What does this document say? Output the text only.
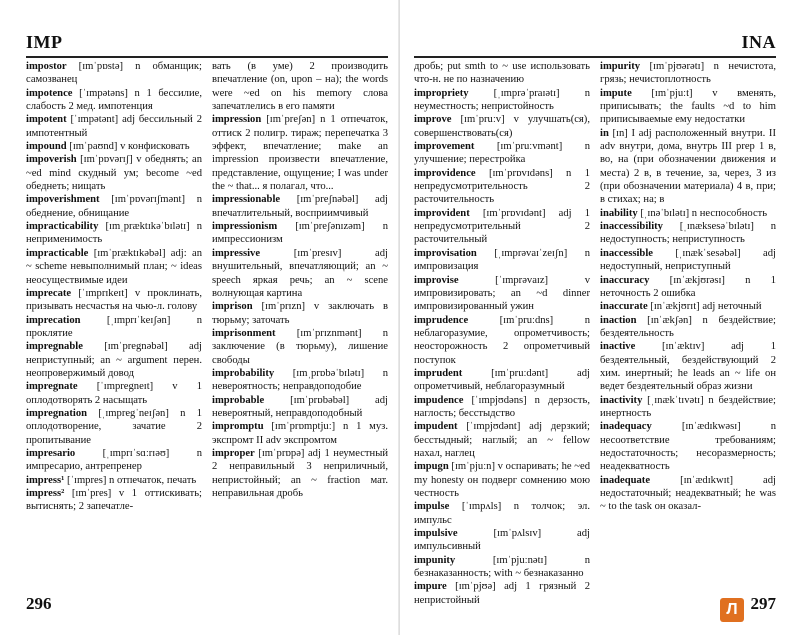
IMP

impostor [ɪmˈpɒstə] n обманщик; самозванец

impotence [ˈɪmpətəns] n 1 бессилие, слабость 2 мед. импотенция

impotent [ˈɪmpətənt] adj бессильный 2 импотентный

impound [ɪmˈpaʊnd] v конфисковать

impoverish [ɪmˈpɒvərɪʃ] v обеднять; an ~ed mind скудный ум; become ~ed обеднеть; нищать

impoverishment [ɪmˈpɒvərɪʃmənt] n обеднение, обнищание

impracticability [ɪmˌpræktɪkəˈbɪlətɪ] n неприменимость

impracticable [ɪmˈpræktɪkəbəl] adj: an ~ scheme невыполнимый план; ~ ideas неосуществимые идеи

imprecate [ˈɪmprɪkeɪt] v проклинать, призывать несчастья на чью-л. голову

imprecation [ˌɪmprɪˈkeɪʃən] n проклятие

impregnable [ɪmˈpregnəbəl] adj неприступный; an ~ argument перен. неопровержимый довод

impregnate [ˈɪmpregneɪt] v 1 оплодотворять 2 насыщать

impregnation [ˌɪmpregˈneɪʃən] n 1 оплодотворение, зачатие 2 пропитывание

impresario [ˌɪmprɪˈsɑːrɪəʊ] n импресарио, антрепренер

impress¹ [ˈɪmpres] n отпечаток, печать

impress² [ɪmˈpres] v 1 оттискивать; вытиснять; 2 запечатле-

вать (в уме) 2 производить впечатление (on, upon – на); the words were ~ed on his memory слова запечатлелись в его памяти

impression [ɪmˈpreʃən] n 1 отпечаток, оттиск 2 полигр. тираж; перепечатка 3 эффект, впечатление; make an impression произвести впечатление, представление, ощущение; I was under the ~ that... я полагал, что...

impressionable [ɪmˈpreʃnəbəl] adj впечатлительный, восприимчивый

impressionism [ɪmˈpreʃənɪzəm] n импрессионизм

impressive [ɪmˈpresɪv] adj внушительный, впечатляющий; an ~ speech яркая речь; an ~ scene волнующая картина

imprison [ɪmˈprɪzn] v заключать в тюрьму; заточать

imprisonment [ɪmˈprɪznmənt] n заключение (в тюрьму), лишение свободы

improbability [ɪmˌprɒbəˈbɪlətɪ] n невероятность; неправдоподобие

improbable [ɪmˈprɒbəbəl] adj невероятный, неправдоподобный

impromptu [ɪmˈprɒmptjuː] n 1 муз. экспромт II adv экспромтом

improper [ɪmˈprɒpə] adj 1 неуместный 2 неправильный 3 неприличный, непристойный; an ~ fraction мат. неправильная дробь

296
INA

дробь; put smth to ~ use использовать что-н. не по назначению

impropriety [ˌɪmprəˈpraɪətɪ] n неуместность; непристойность

improve [ɪmˈpruːv] v улучшать(ся), совершенствовать(ся)

improvement [ɪmˈpruːvmənt] n улучшение; перестройка

improvidence [ɪmˈprɒvɪdəns] n 1 непредусмотрительность 2 расточительность

improvident [ɪmˈprɒvɪdənt] adj 1 непредусмотрительный 2 расточительный

improvisation [ˌɪmprəvaɪˈzeɪʃn] n импровизация

improvise [ˈɪmprəvaɪz] v импровизировать; an ~d dinner импровизированный ужин

imprudence [ɪmˈpruːdns] n неблагоразумие, опрометчивость; неосторожность 2 опрометчивый поступок

imprudent [ɪmˈpruːdənt] adj опрометчивый, неблагоразумный

impudence [ˈɪmpjʊdəns] n дерзость, наглость; бесстыдство

impudent [ˈɪmpjʊdənt] adj дерзкий; бесстыдный; наглый; an ~ fellow нахал, наглец

impugn [ɪmˈpjuːn] v оспаривать; he ~ed my honesty он подверг сомнению мою честность

impulse [ˈɪmpʌls] n толчок; эл. импульс

impulsive [ɪmˈpʌlsɪv] adj импульсивный

impunity [ɪmˈpjuːnətɪ] n безнаказанность; with ~ безнаказанно

impure [ɪmˈpjʊə] adj 1 грязный 2 непристойный

impurity [ɪmˈpjʊərətɪ] n нечистота, грязь; нечистоплотность

impute [ɪmˈpjuːt] v вменять, приписывать; the faults ~d to him приписываемые ему недостатки

in [ɪn] I adj расположенный внутри. II adv внутри, дома, внутрь III prep 1 в, во, на (при обозначении движения и места) 2 в, в течение, за, через, 3 из (при обозначении материала) 4 в, при; в стихах; на; в

inability [ˌɪnəˈbɪlətɪ] n неспособность

inaccessibility [ˌɪnæksesəˈbɪlətɪ] n недоступность; неприступность

inaccessible [ˌɪnækˈsesəbəl] adj недоступный, неприступный

inaccuracy [ɪnˈækjʊrəsɪ] n 1 неточность 2 ошибка

inaccurate [ɪnˈækjʊrɪt] adj неточный

inaction [ɪnˈækʃən] n бездействие; бездеятельность

inactive [ɪnˈæktɪv] adj 1 бездеятельный, бездействующий 2 хим. инертный; he leads an ~ life он ведет бездеятельный образ жизни

inactivity [ˌɪnækˈtɪvətɪ] n бездействие; инертность

inadequacy [ɪnˈædɪkwəsɪ] n несоответствие требованиям; недостаточность; несоразмерность; неадекватность

inadequate [ɪnˈædɪkwɪt] adj недостаточный; неадекватный; he was ~ to the task он оказал-

Л 297
